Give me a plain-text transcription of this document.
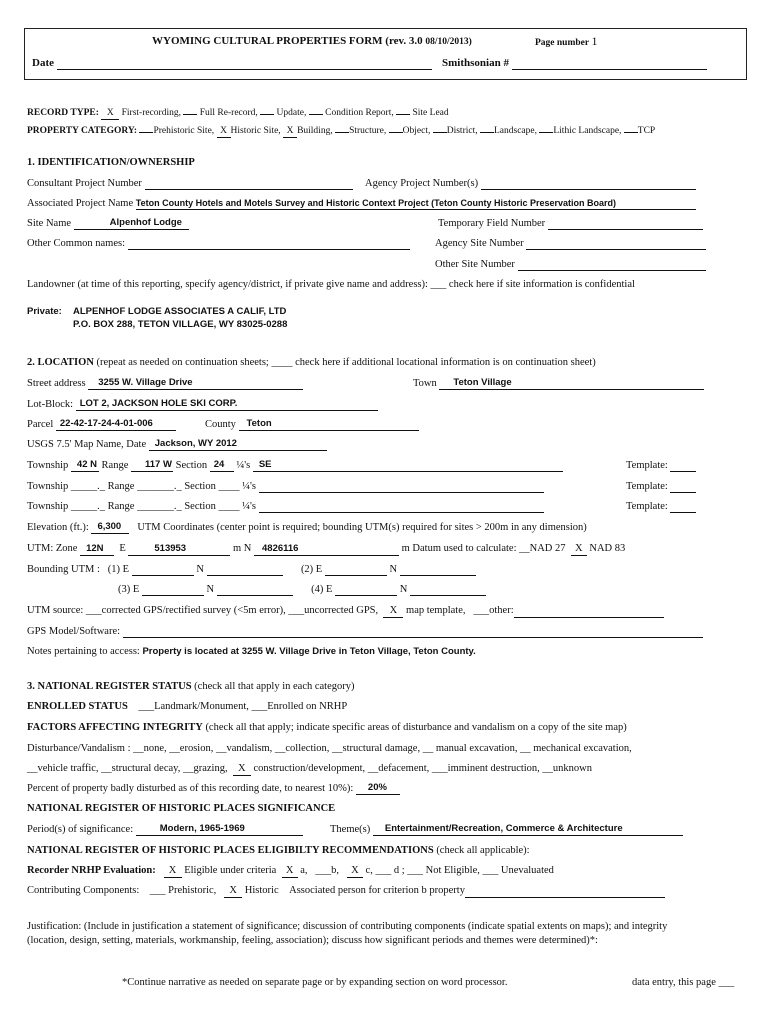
WYOMING CULTURAL PROPERTIES FORM (rev. 3.0 08/10/2013)	Page number 1
Date	Smithsonian #
RECORD TYPE: X First-recording, Full Re-record, Update, Condition Report, Site Lead
PROPERTY CATEGORY: Prehistoric Site, X Historic Site, X Building, Structure, Object, District, Landscape, Lithic Landscape, TCP
1. IDENTIFICATION/OWNERSHIP
Consultant Project Number	Agency Project Number(s)
Associated Project Name Teton County Hotels and Motels Survey and Historic Context Project (Teton County Historic Preservation Board)
Site Name	Alpenhof Lodge	Temporary Field Number
Other Common names:	Agency Site Number
Other Site Number
Landowner (at time of this reporting, specify agency/district, if private give name and address): ___ check here if site information is confidential
Private: ALPENHOF LODGE ASSOCIATES A CALIF, LTD
P.O. BOX 288, TETON VILLAGE, WY 83025-0288
2. LOCATION (repeat as needed on continuation sheets; ____ check here if additional locational information is on continuation sheet)
Street address 3255 W. Village Drive	Town Teton Village
Lot-Block: LOT 2, JACKSON HOLE SKI CORP.
Parcel 22-42-17-24-4-01-006	County Teton
USGS 7.5' Map Name, Date Jackson, WY 2012
Township 42 N Range 117 W Section 24 ¼'s SE	Template:
Township _____._ Range _______._ Section ____ ¼'s	Template:
Township _____._ Range _______._ Section ____ ¼'s	Template:
Elevation (ft.): 6,300 UTM Coordinates (center point is required; bounding UTM(s) required for sites > 200m in any dimension)
UTM: Zone 12N E	513953	m N 4826116	m Datum used to calculate: __NAD 27 X NAD 83
Bounding UTM : (1) E	N	(2) E	N
(3) E	N	(4) E	N
UTM source: ___corrected GPS/rectified survey (<5m error), ___uncorrected GPS, X map template, ___other:
GPS Model/Software:
Notes pertaining to access: Property is located at 3255 W. Village Drive in Teton Village, Teton County.
3. NATIONAL REGISTER STATUS (check all that apply in each category)
ENROLLED STATUS ___Landmark/Monument, ___Enrolled on NRHP
FACTORS AFFECTING INTEGRITY (check all that apply; indicate specific areas of disturbance and vandalism on a copy of the site map)
Disturbance/Vandalism : __none, __erosion, __vandalism, __collection, __structural damage, __ manual excavation, __ mechanical excavation,
__vehicle traffic, __structural decay, __grazing, X construction/development, __defacement, ___imminent destruction, __unknown
Percent of property badly disturbed as of this recording date, to nearest 10%): 20%
NATIONAL REGISTER OF HISTORIC PLACES SIGNIFICANCE
Period(s) of significance:	Modern, 1965-1969	Theme(s) Entertainment/Recreation, Commerce & Architecture
NATIONAL REGISTER OF HISTORIC PLACES ELIGIBILTY RECOMMENDATIONS (check all applicable):
Recorder NRHP Evaluation: X Eligible under criteria X a, ___b, X c, ___ d ; ___ Not Eligible, ___ Unevaluated
Contributing Components: ___ Prehistoric, X Historic Associated person for criterion b property
Justification: (Include in justification a statement of significance; discussion of contributing components (indicate spatial extents on maps); and integrity
(location, design, setting, materials, workmanship, feeling, association); discuss how significant periods and themes were determined)*:
*Continue narrative as needed on separate page or by expanding section on word processor.	data entry, this page ___
